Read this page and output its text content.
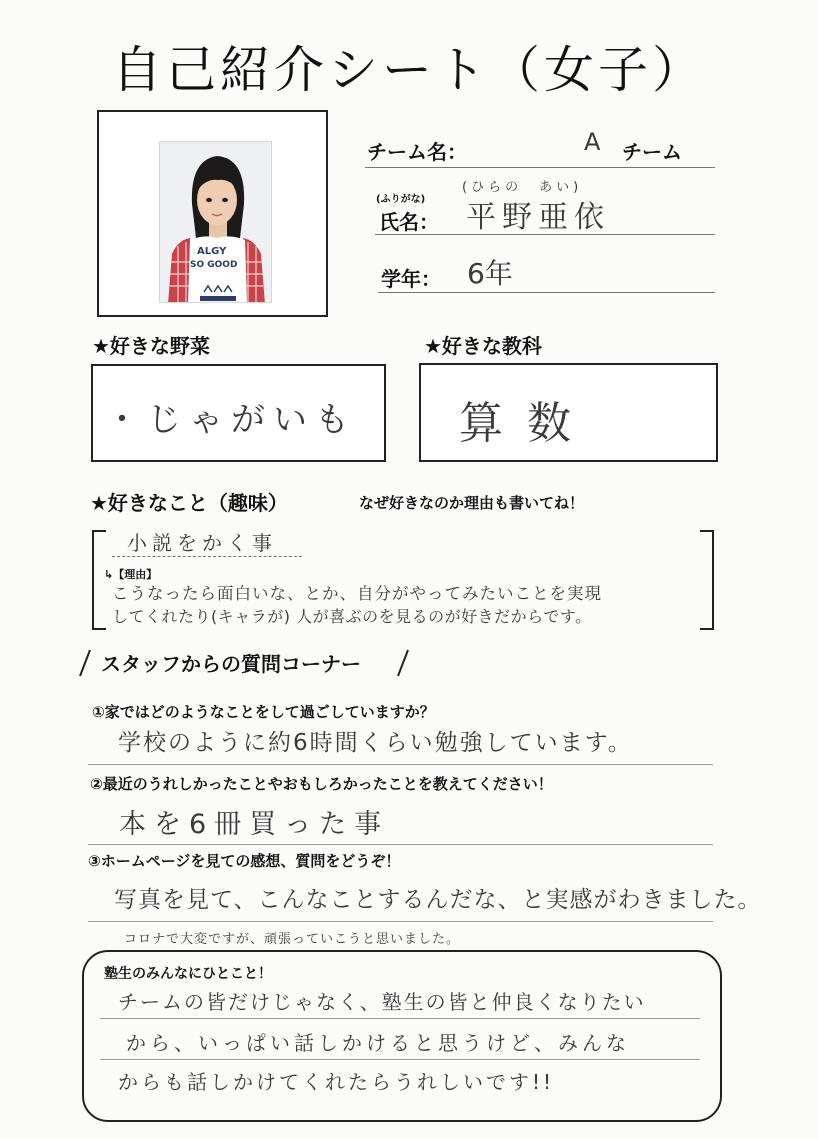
自己紹介シート（女子）
ALGY
SO GOOD
チーム名：	A チーム
(ふりがな)
(ひらの　あい)
氏名： 平野亜依
学年： 6年
★好きな野菜
・じゃがいも
★好きな教科
算数
★好きなこと（趣味）	なぜ好きなのか理由も書いてね！
小説をかく事
↳【理由】
こうなったら面白いな、とか、自分がやってみたいことを実現
してくれたり(キャラが) 人が喜ぶのを見るのが好きだからです。
スタッフからの質問コーナー
①家ではどのようなことをして過ごしていますか？
学校のように約6時間くらい勉強しています。
②最近のうれしかったことやおもしろかったことを教えてください！
本を6冊買った事
③ホームページを見ての感想、質問をどうぞ！
写真を見て、こんなことするんだな、と実感がわきました。
コロナで大変ですが、頑張っていこうと思いました。
塾生のみんなにひとこと！
チームの皆だけじゃなく、塾生の皆と仲良くなりたい
から、いっぱい話しかけると思うけど、みんな
からも話しかけてくれたらうれしいです!!
